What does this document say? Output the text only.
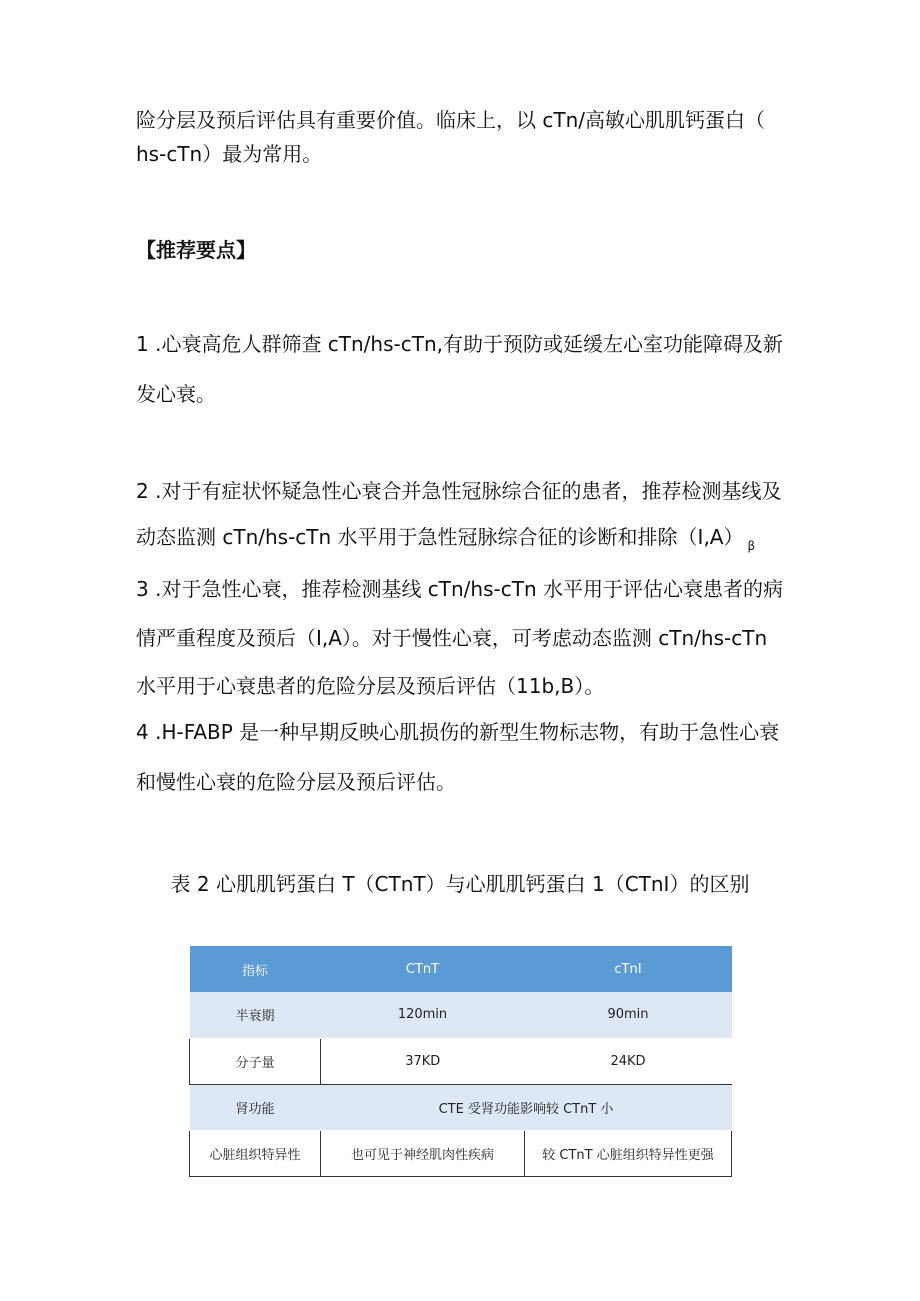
险分层及预后评估具有重要价值。临床上，以 cTn/高敏心肌肌钙蛋白（
hs-cTn）最为常用。
【推荐要点】
1 .心衰高危人群筛查 cTn/hs-cTn,有助于预防或延缓左心室功能障碍及新
发心衰。
2 .对于有症状怀疑急性心衰合并急性冠脉综合征的患者，推荐检测基线及
动态监测 cTn/hs-cTn 水平用于急性冠脉综合征的诊断和排除（I,A） $_\beta$
3 .对于急性心衰，推荐检测基线 cTn/hs-cTn 水平用于评估心衰患者的病
情严重程度及预后（I,A）。对于慢性心衰，可考虑动态监测 cTn/hs-cTn
水平用于心衰患者的危险分层及预后评估（11b,B）。
4 .H-FABP 是一种早期反映心肌损伤的新型生物标志物，有助于急性心衰
和慢性心衰的危险分层及预后评估。
表 2 心肌肌钙蛋白 T（CTnT）与心肌肌钙蛋白 1（CTnI）的区别
指标	CTnT	cTnI
半衰期	120min	90min
分子量	37KD	24KD
肾功能	CTE 受肾功能影响较 CTnT 小	
心脏组织特异性	也可见于神经肌肉性疾病	较 CTnT 心脏组织特异性更强
